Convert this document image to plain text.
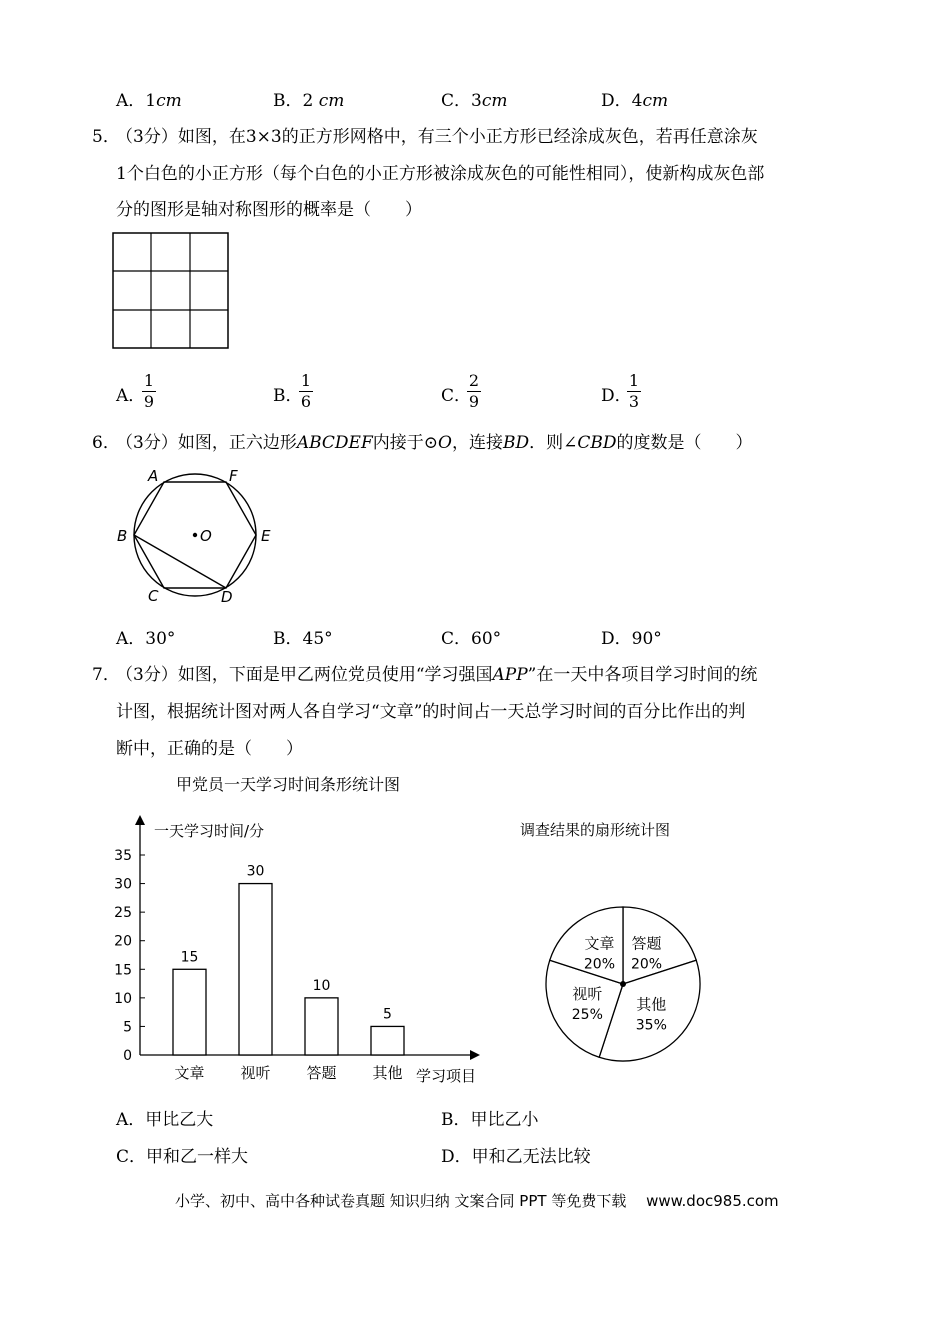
A．1cm	B．2 cm	C．3cm	D．4cm
5．
（3分）如图，在3×3的正方形网格中，有三个小正方形已经涂成灰色，若再任意涂灰
1个白色的小正方形（每个白色的小正方形被涂成灰色的可能性相同），使新构成灰色部
分的图形是轴对称图形的概率是（　　）
A．
1
9	B．
1
6	C．
2
9	D．
1
3
6．
（3分）如图，正六边形ABCDEF内接于⊙O，连接BD．则∠CBD的度数是（　　）
A	F
B	O	E
C	D
A．30°	B．45°	C．60°	D．90°
7．
（3分）如图，下面是甲乙两位党员使用“学习强国APP”在一天中各项目学习时间的统
计图，根据统计图对两人各自学习“文章”的时间占一天总学习时间的百分比作出的判
断中，正确的是（　　）
甲党员一天学习时间条形统计图
一天学习时间/分
0
5
10
15
20
25
30
35
15
30
10
5
文章 视听 答题 其他 学习项目
调查结果的扇形统计图
答题
20%
其他
35%
视听
25%
文章
20%
A．甲比乙大	B．甲比乙小
C．甲和乙一样大	D．甲和乙无法比较
小学、初中、高中各种试卷真题 知识归纳 文案合同 PPT 等免费下载 　www.doc985.com
